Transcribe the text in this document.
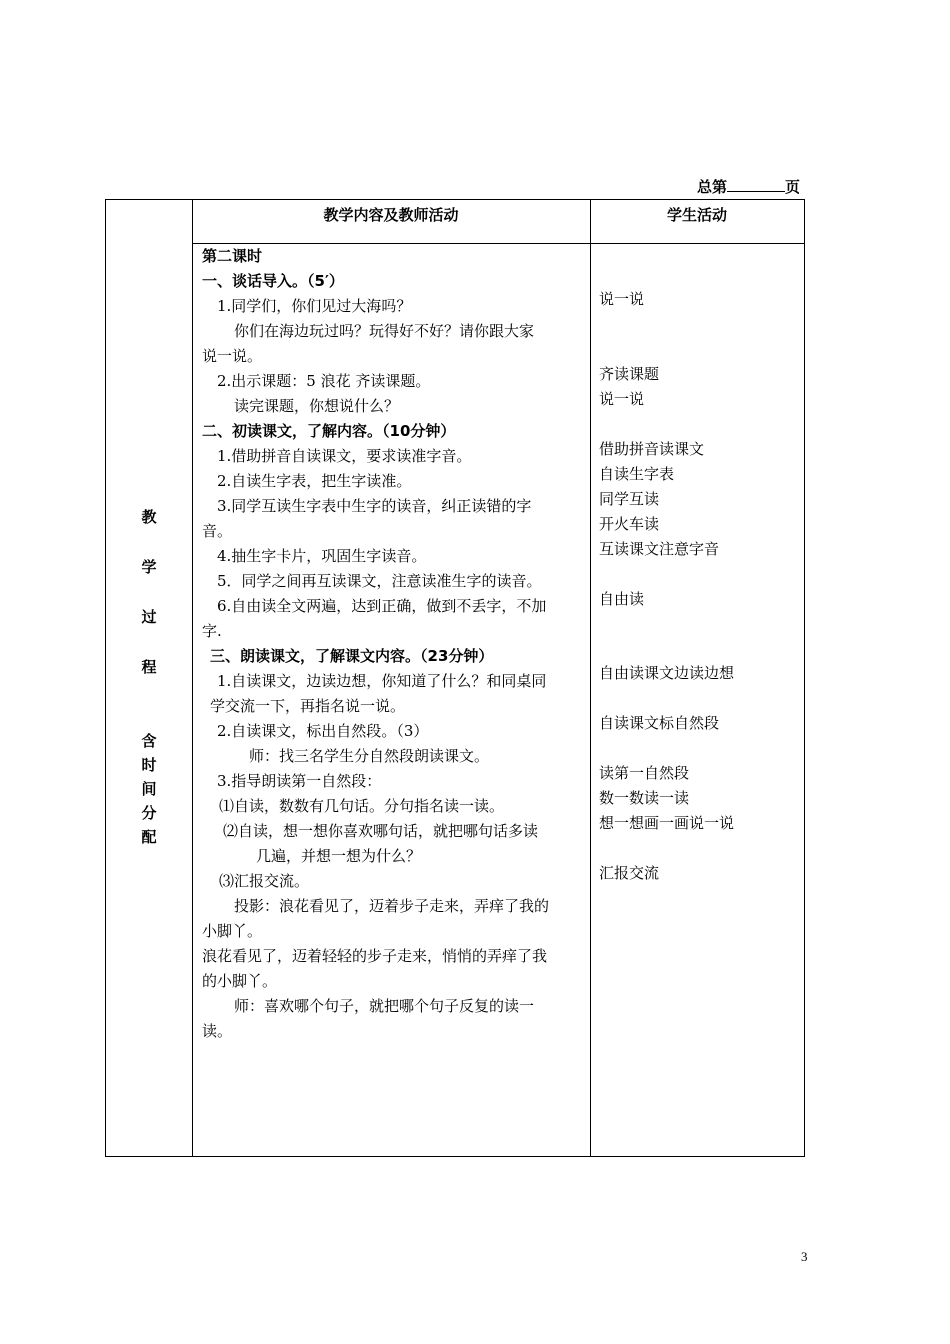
总第	页
教学内容及教师活动	学生活动
教
学
过
程
含
时
间
分
配
第二课时
一、谈话导入。（5′）
1.同学们，你们见过大海吗？
你们在海边玩过吗？玩得好不好？请你跟大家
说一说。
2.出示课题：5 浪花 齐读课题。
读完课题，你想说什么？
二、初读课文，了解内容。（10分钟）
1.借助拼音自读课文，要求读准字音。
2.自读生字表，把生字读准。
3.同学互读生字表中生字的读音，纠正读错的字
音。
4.抽生字卡片，巩固生字读音。
5．同学之间再互读课文，注意读准生字的读音。
6.自由读全文两遍，达到正确，做到不丢字，不加
字.
三、朗读课文，了解课文内容。（23分钟）
1.自读课文，边读边想，你知道了什么？和同桌同
学交流一下，再指名说一说。
2.自读课文，标出自然段。（3）
师：找三名学生分自然段朗读课文。
3.指导朗读第一自然段：
⑴自读，数数有几句话。分句指名读一读。
⑵自读，想一想你喜欢哪句话，就把哪句话多读
几遍，并想一想为什么？
⑶汇报交流。
投影：浪花看见了，迈着步子走来，弄痒了我的
小脚丫。
浪花看见了，迈着轻轻的步子走来，悄悄的弄痒了我
的小脚丫。
师：喜欢哪个句子，就把哪个句子反复的读一
读。
说一说
齐读课题
说一说
借助拼音读课文
自读生字表
同学互读
开火车读
互读课文注意字音
自由读
自由读课文边读边想
自读课文标自然段
读第一自然段
数一数读一读
想一想画一画说一说
汇报交流
3
